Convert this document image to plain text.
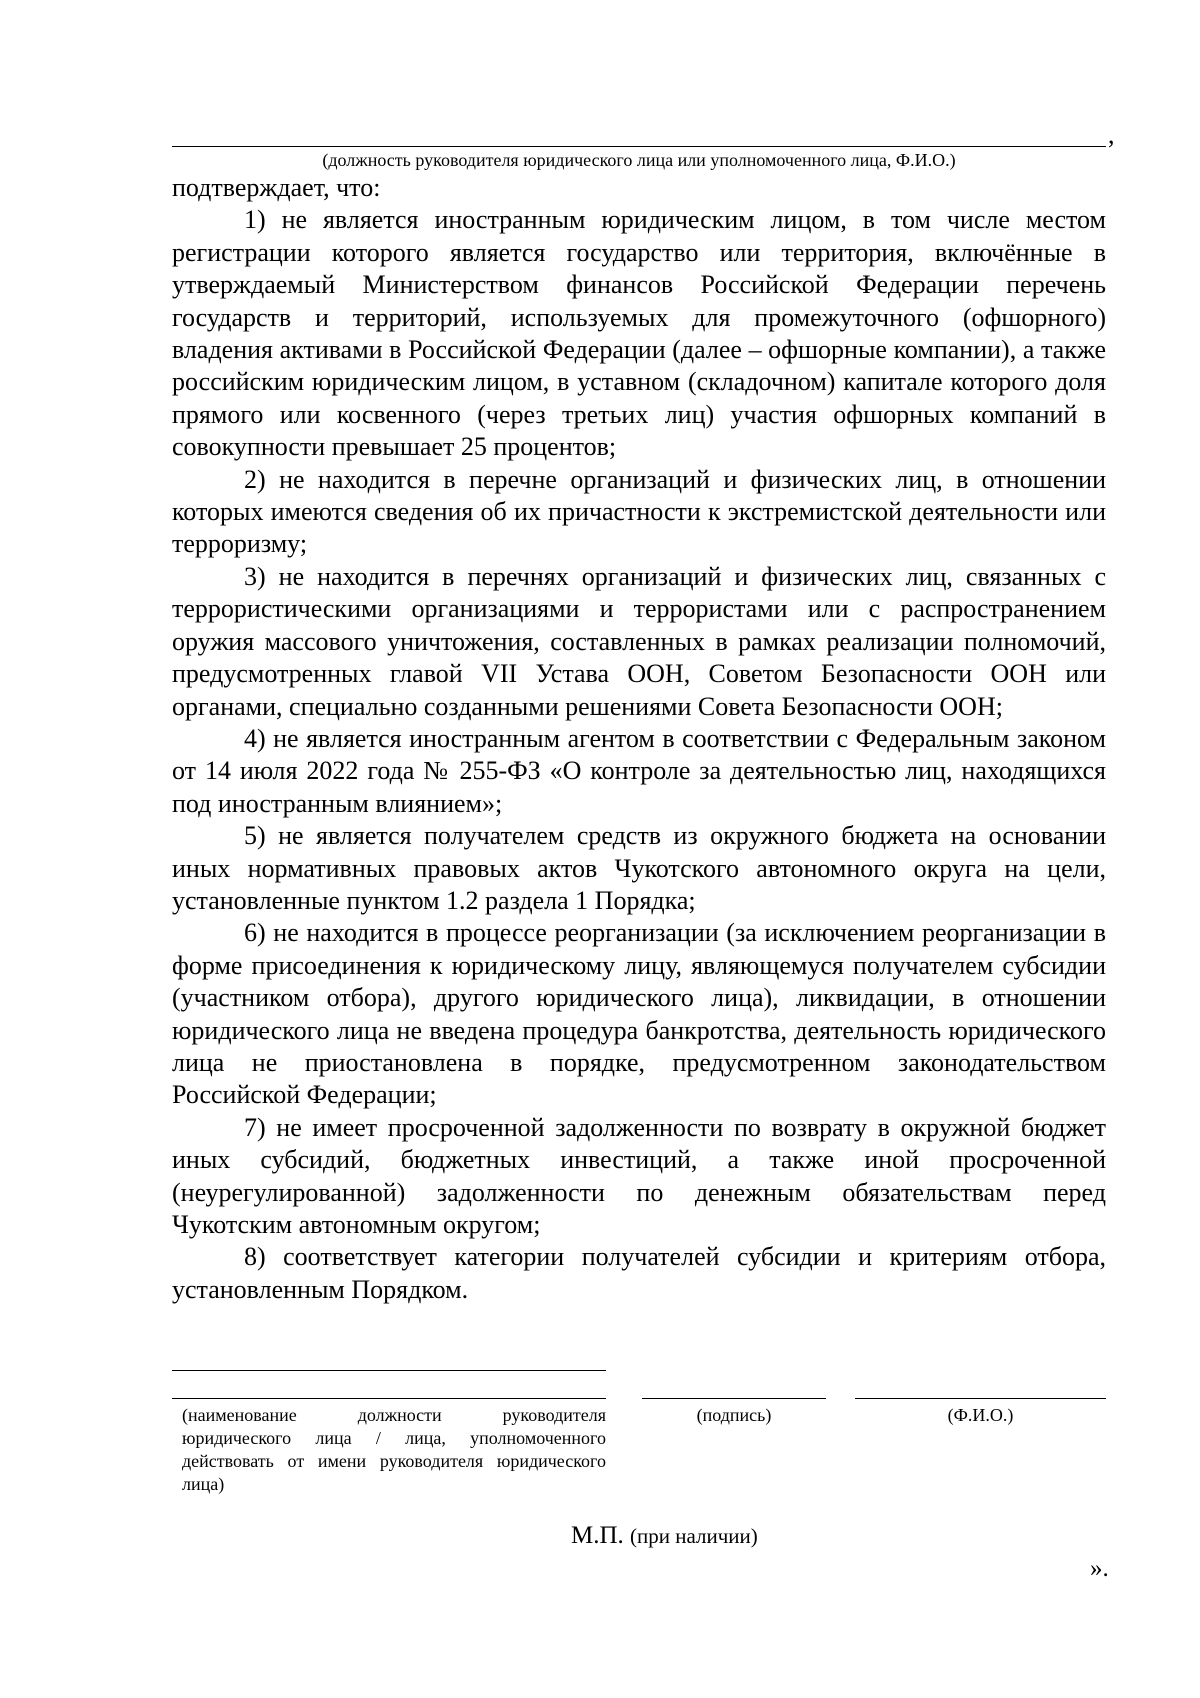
,
(должность руководителя юридического лица или уполномоченного лица, Ф.И.О.)

подтверждает, что:

1) не является иностранным юридическим лицом, в том числе местом регистрации которого является государство или территория, включённые в утверждаемый Министерством финансов Российской Федерации перечень государств и территорий, используемых для промежуточного (офшорного) владения активами в Российской Федерации (далее – офшорные компании), а также российским юридическим лицом, в уставном (складочном) капитале которого доля прямого или косвенного (через третьих лиц) участия офшорных компаний в совокупности превышает 25 процентов;

2) не находится в перечне организаций и физических лиц, в отношении которых имеются сведения об их причастности к экстремистской деятельности или терроризму;

3) не находится в перечнях организаций и физических лиц, связанных с террористическими организациями и террористами или с распространением оружия массового уничтожения, составленных в рамках реализации полномочий, предусмотренных главой VII Устава ООН, Советом Безопасности ООН или органами, специально созданными решениями Совета Безопасности ООН;

4) не является иностранным агентом в соответствии с Федеральным законом от 14 июля 2022 года № 255-ФЗ «О контроле за деятельностью лиц, находящихся под иностранным влиянием»;

5) не является получателем средств из окружного бюджета на основании иных нормативных правовых актов Чукотского автономного округа на цели, установленные пунктом 1.2 раздела 1 Порядка;

6) не находится в процессе реорганизации (за исключением реорганизации в форме присоединения к юридическому лицу, являющемуся получателем субсидии (участником отбора), другого юридического лица), ликвидации, в отношении юридического лица не введена процедура банкротства, деятельность юридического лица не приостановлена в порядке, предусмотренном законодательством Российской Федерации;

7) не имеет просроченной задолженности по возврату в окружной бюджет иных субсидий, бюджетных инвестиций, а также иной просроченной (неурегулированной) задолженности по денежным обязательствам перед Чукотским автономным округом;

8) соответствует категории получателей субсидии и критериям отбора, установленным Порядком.

(наименование должности руководителя юридического лица / лица, уполномоченного действовать от имени руководителя юридического лица)
(подпись)	(Ф.И.О.)
М.П. (при наличии)
».
